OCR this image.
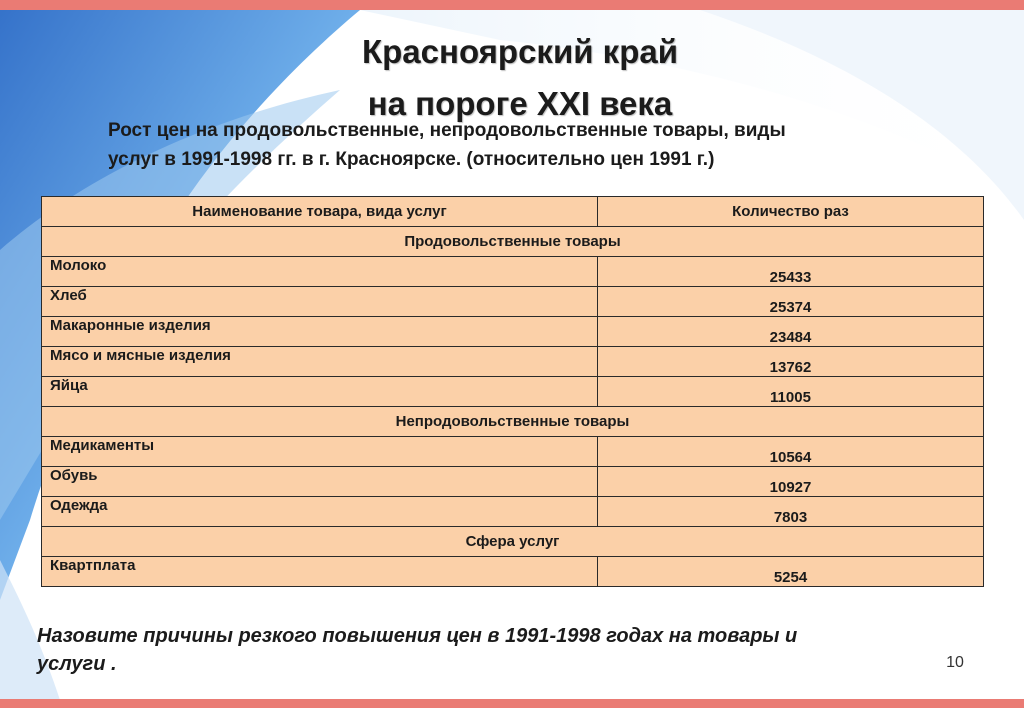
Красноярский край
на пороге XXI века
Рост цен на продовольственные, непродовольственные товары, виды
услуг в 1991-1998 гг. в г. Красноярске. (относительно цен 1991 г.)
Наименование товара, вида услуг	Количество раз
Продовольственные товары	
Молоко	25433
Хлеб	25374
Макаронные изделия	23484
Мясо и мясные изделия	13762
Яйца	11005
Непродовольственные товары	
Медикаменты	10564
Обувь	10927
Одежда	7803
Сфера услуг	
Квартплата	5254
Назовите причины резкого повышения цен в 1991-1998 годах на товары и
услуги .	10
